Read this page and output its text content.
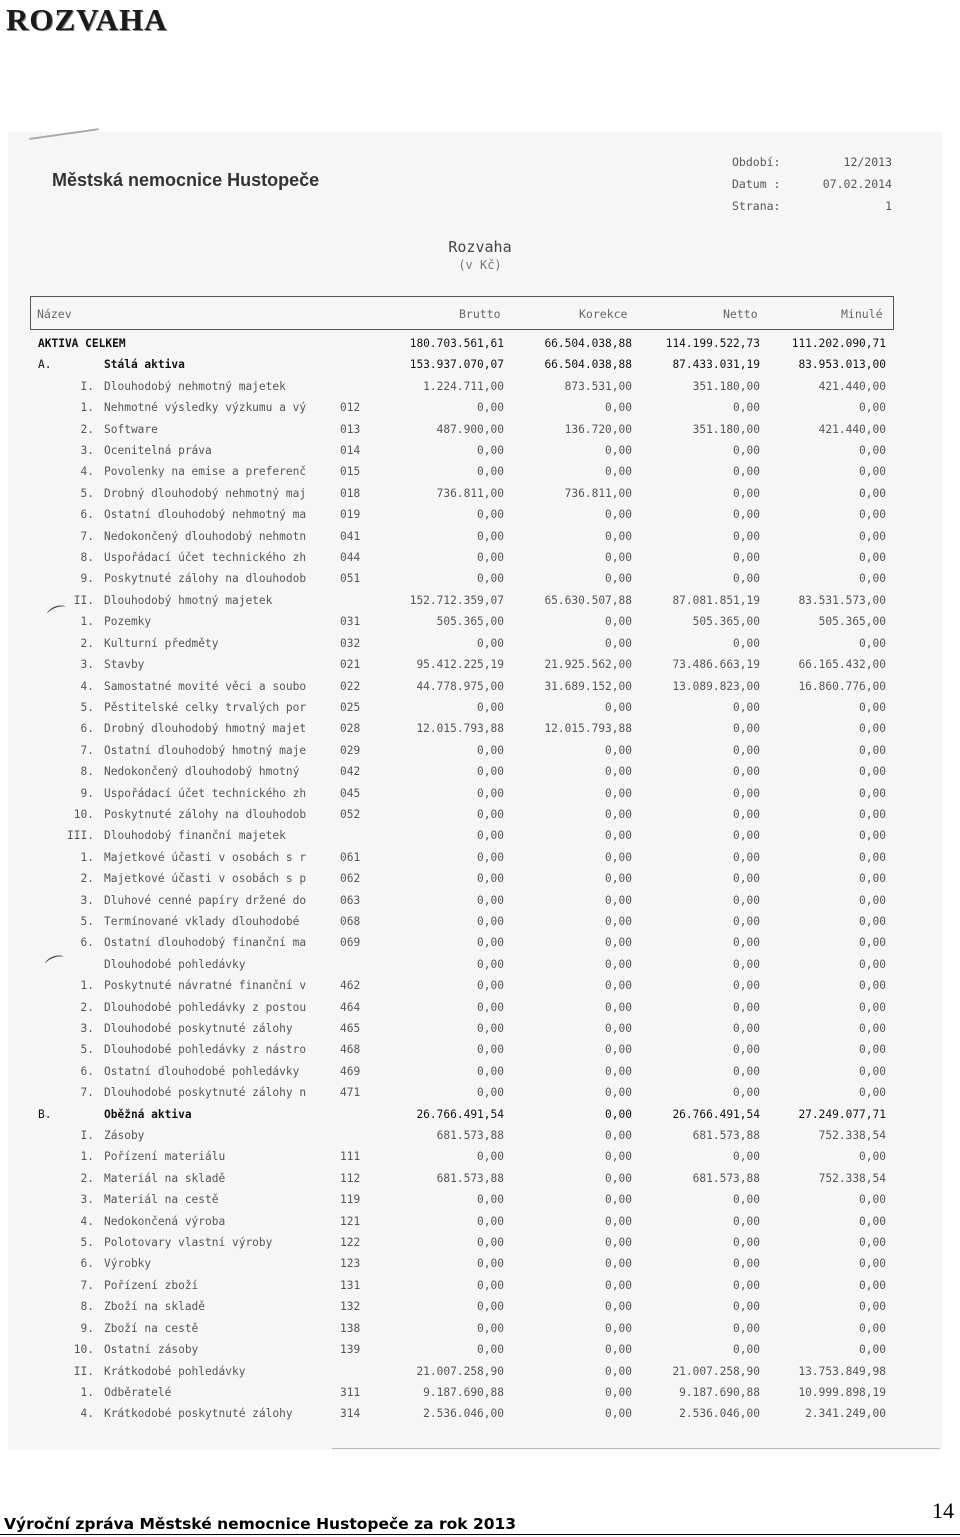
ROZVAHA
⌒
⌒
Městská nemocnice Hustopeče
Období:	12/2013
Datum :	07.02.2014
Strana:	1
Rozvaha
(v Kč)
Název	Brutto	Korekce	Netto	Minulé
AKTIVA CELKEM	180.703.561,61	66.504.038,88	114.199.522,73	111.202.090,71
A.	Stálá aktiva	153.937.070,07	66.504.038,88	87.433.031,19	83.953.013,00
I. Dlouhodobý nehmotný majetek	1.224.711,00	873.531,00	351.180,00	421.440,00
1. Nehmotné výsledky výzkumu a vý	012	0,00	0,00	0,00	0,00
2. Software	013	487.900,00	136.720,00	351.180,00	421.440,00
3. Ocenitelná práva	014	0,00	0,00	0,00	0,00
4. Povolenky na emise a preferenč	015	0,00	0,00	0,00	0,00
5. Drobný dlouhodobý nehmotný maj	018	736.811,00	736.811,00	0,00	0,00
6. Ostatní dlouhodobý nehmotný ma	019	0,00	0,00	0,00	0,00
7. Nedokončený dlouhodobý nehmotn	041	0,00	0,00	0,00	0,00
8. Uspořádací účet technického zh	044	0,00	0,00	0,00	0,00
9. Poskytnuté zálohy na dlouhodob	051	0,00	0,00	0,00	0,00
II. Dlouhodobý hmotný majetek	152.712.359,07	65.630.507,88	87.081.851,19	83.531.573,00
1. Pozemky	031	505.365,00	0,00	505.365,00	505.365,00
2. Kulturní předměty	032	0,00	0,00	0,00	0,00
3. Stavby	021	95.412.225,19	21.925.562,00	73.486.663,19	66.165.432,00
4. Samostatné movité věci a soubo	022	44.778.975,00	31.689.152,00	13.089.823,00	16.860.776,00
5. Pěstitelské celky trvalých por	025	0,00	0,00	0,00	0,00
6. Drobný dlouhodobý hmotný majet	028	12.015.793,88	12.015.793,88	0,00	0,00
7. Ostatní dlouhodobý hmotný maje	029	0,00	0,00	0,00	0,00
8. Nedokončený dlouhodobý hmotný	042	0,00	0,00	0,00	0,00
9. Uspořádací účet technického zh	045	0,00	0,00	0,00	0,00
10. Poskytnuté zálohy na dlouhodob	052	0,00	0,00	0,00	0,00
III. Dlouhodobý finanční majetek	0,00	0,00	0,00	0,00
1. Majetkové účasti v osobách s r	061	0,00	0,00	0,00	0,00
2. Majetkové účasti v osobách s p	062	0,00	0,00	0,00	0,00
3. Dluhové cenné papíry držené do	063	0,00	0,00	0,00	0,00
5. Termínované vklady dlouhodobé	068	0,00	0,00	0,00	0,00
6. Ostatní dlouhodobý finanční ma	069	0,00	0,00	0,00	0,00
Dlouhodobé pohledávky	0,00	0,00	0,00	0,00
1. Poskytnuté návratné finanční v	462	0,00	0,00	0,00	0,00
2. Dlouhodobé pohledávky z postou	464	0,00	0,00	0,00	0,00
3. Dlouhodobé poskytnuté zálohy	465	0,00	0,00	0,00	0,00
5. Dlouhodobé pohledávky z nástro	468	0,00	0,00	0,00	0,00
6. Ostatní dlouhodobé pohledávky	469	0,00	0,00	0,00	0,00
7. Dlouhodobé poskytnuté zálohy n	471	0,00	0,00	0,00	0,00
B.	Oběžná aktiva	26.766.491,54	0,00	26.766.491,54	27.249.077,71
I. Zásoby	681.573,88	0,00	681.573,88	752.338,54
1. Pořízení materiálu	111	0,00	0,00	0,00	0,00
2. Materiál na skladě	112	681.573,88	0,00	681.573,88	752.338,54
3. Materiál na cestě	119	0,00	0,00	0,00	0,00
4. Nedokončená výroba	121	0,00	0,00	0,00	0,00
5. Polotovary vlastní výroby	122	0,00	0,00	0,00	0,00
6. Výrobky	123	0,00	0,00	0,00	0,00
7. Pořízení zboží	131	0,00	0,00	0,00	0,00
8. Zboží na skladě	132	0,00	0,00	0,00	0,00
9. Zboží na cestě	138	0,00	0,00	0,00	0,00
10. Ostatní zásoby	139	0,00	0,00	0,00	0,00
II. Krátkodobé pohledávky	21.007.258,90	0,00	21.007.258,90	13.753.849,98
1. Odběratelé	311	9.187.690,88	0,00	9.187.690,88	10.999.898,19
4. Krátkodobé poskytnuté zálohy	314	2.536.046,00	0,00	2.536.046,00	2.341.249,00
Výroční zpráva Městské nemocnice Hustopeče za rok 2013
14
